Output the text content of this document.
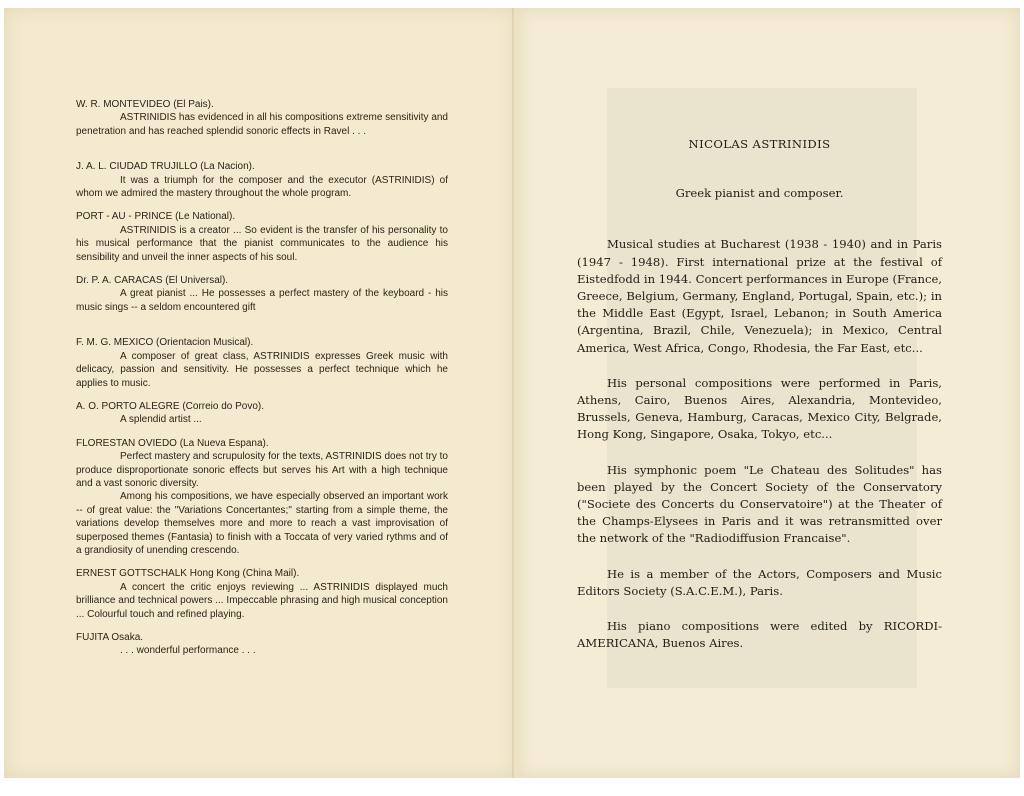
W. R. MONTEVIDEO (El Pais).
ASTRINIDIS has evidenced in all his compositions extreme sensitivity and penetration and has reached splendid sonoric effects in Ravel . . .
J. A. L. CIUDAD TRUJILLO (La Nacion).
It was a triumph for the composer and the executor (ASTRINIDIS) of whom we admired the mastery throughout the whole program.
PORT - AU - PRINCE (Le National).
ASTRINIDIS is a creator ... So evident is the transfer of his personality to his musical performance that the pianist communicates to the audience his sensibility and unveil the inner aspects of his soul.
Dr. P. A. CARACAS (El Universal).
A great pianist ... He possesses a perfect mastery of the keyboard - his music sings -- a seldom encountered gift
F. M. G. MEXICO (Orientacion Musical).
A composer of great class, ASTRINIDIS expresses Greek music with delicacy, passion and sensitivity. He possesses a perfect technique which he applies to music.
A. O. PORTO ALEGRE (Correio do Povo).
A splendid artist ...
FLORESTAN OVIEDO (La Nueva Espana).
Perfect mastery and scrupulosity for the texts, ASTRINIDIS does not try to produce disproportionate sonoric effects but serves his Art with a high technique and a vast sonoric diversity.
Among his compositions, we have especially observed an important work -- of great value: the "Variations Concertantes;" starting from a simple theme, the variations develop themselves more and more to reach a vast improvisation of superposed themes (Fantasia) to finish with a Toccata of very varied rythms and of a grandiosity of unending crescendo.
ERNEST GOTTSCHALK Hong Kong (China Mail).
A concert the critic enjoys reviewing ... ASTRINIDIS displayed much brilliance and technical powers ... Impeccable phrasing and high musical conception ... Colourful touch and refined playing.
FUJITA Osaka.
. . . wonderful performance . . .

NICOLAS ASTRINIDIS

Greek pianist and composer.

Musical studies at Bucharest (1938 - 1940) and in Paris (1947 - 1948). First international prize at the festival of Eistedfodd in 1944. Concert performances in Europe (France, Greece, Belgium, Germany, England, Portugal, Spain, etc.); in the Middle East (Egypt, Israel, Lebanon; in South America (Argentina, Brazil, Chile, Venezuela); in Mexico, Central America, West Africa, Congo, Rhodesia, the Far East, etc...

His personal compositions were performed in Paris, Athens, Cairo, Buenos Aires, Alexandria, Montevideo, Brussels, Geneva, Hamburg, Caracas, Mexico City, Belgrade, Hong Kong, Singapore, Osaka, Tokyo, etc...

His symphonic poem "Le Chateau des Solitudes" has been played by the Concert Society of the Conservatory ("Societe des Concerts du Conservatoire") at the Theater of the Champs-Elysees in Paris and it was retransmitted over the network of the "Radiodiffusion Francaise".

He is a member of the Actors, Composers and Music Editors Society (S.A.C.E.M.), Paris.

His piano compositions were edited by RICORDI-AMERICANA, Buenos Aires.
